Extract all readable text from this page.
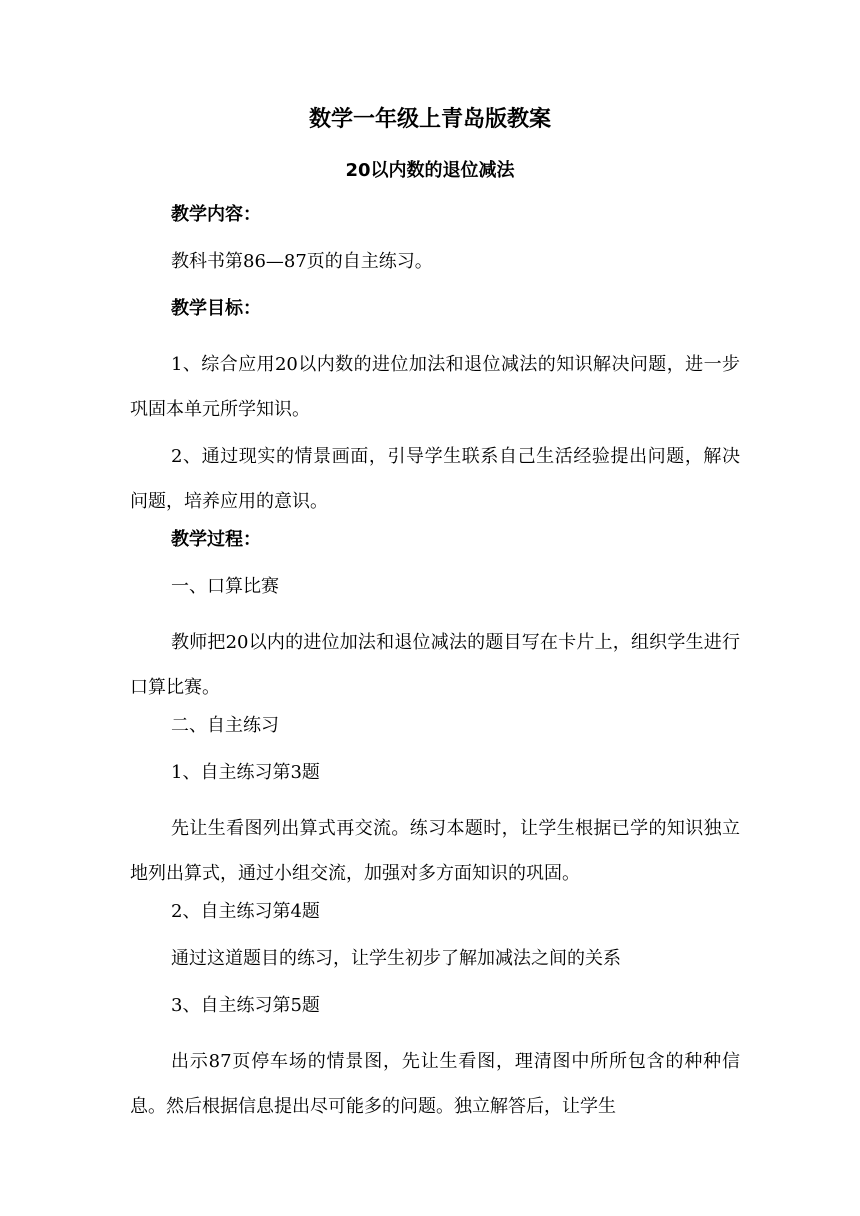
数学一年级上青岛版教案
20以内数的退位减法

教学内容：

教科书第86—87页的自主练习。

教学目标：

1、综合应用20以内数的进位加法和退位减法的知识解决问题，进一步巩固本单元所学知识。

2、通过现实的情景画面，引导学生联系自己生活经验提出问题，解决问题，培养应用的意识。

教学过程：

一、口算比赛

教师把20以内的进位加法和退位减法的题目写在卡片上，组织学生进行口算比赛。

二、自主练习

1、自主练习第3题

先让生看图列出算式再交流。练习本题时，让学生根据已学的知识独立地列出算式，通过小组交流，加强对多方面知识的巩固。

2、自主练习第4题

通过这道题目的练习，让学生初步了解加减法之间的关系

3、自主练习第5题

出示87页停车场的情景图，先让生看图，理清图中所所包含的种种信息。然后根据信息提出尽可能多的问题。独立解答后，让学生
